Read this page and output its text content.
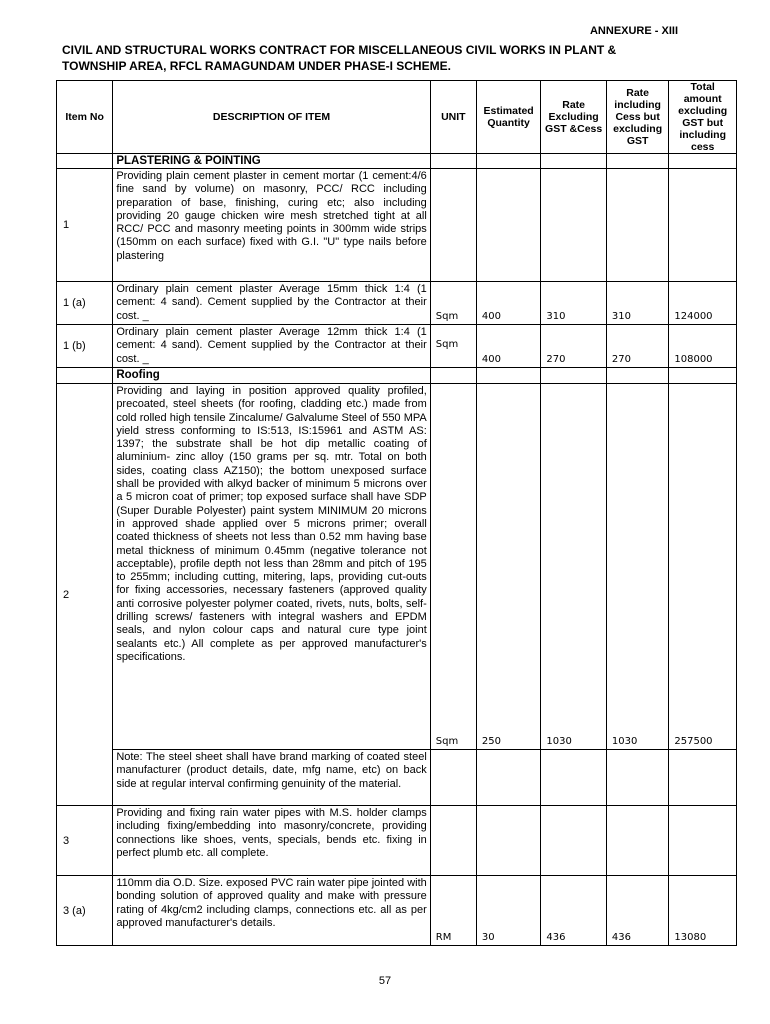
ANNEXURE - XIII
CIVIL AND STRUCTURAL WORKS CONTRACT FOR MISCELLANEOUS CIVIL WORKS IN PLANT &
TOWNSHIP AREA, RFCL RAMAGUNDAM UNDER PHASE-I SCHEME.
Item No	DESCRIPTION OF ITEM	UNIT	Estimated Quantity	Rate Excluding GST &Cess	Rate including Cess but excluding GST	Total amount excluding GST but including cess
	PLASTERING & POINTING					
1	Providing plain cement plaster in cement mortar (1 cement:4/6 fine sand by volume) on masonry, PCC/ RCC including preparation of base, finishing, curing etc; also including providing 20 gauge chicken wire mesh stretched tight at all RCC/ PCC and masonry meeting points in 300mm wide strips (150mm on each surface) fixed with G.I. "U" type nails before plastering					
1 (a)	Ordinary plain cement plaster Average 15mm thick 1:4 (1 cement: 4 sand). Cement supplied by the Contractor at their cost. _	Sqm	400	310	310	124000
1 (b)	Ordinary plain cement plaster Average 12mm thick 1:4 (1 cement: 4 sand). Cement supplied by the Contractor at their cost. _	Sqm	400	270	270	108000
	Roofing					
2	Providing and laying in position approved quality profiled, precoated, steel sheets (for roofing, cladding etc.) made from cold rolled high tensile Zincalume/ Galvalume Steel of 550 MPA yield stress conforming to IS:513, IS:15961 and ASTM AS: 1397; the substrate shall be hot dip metallic coating of aluminium- zinc alloy (150 grams per sq. mtr. Total on both sides, coating class AZ150); the bottom unexposed surface shall be provided with alkyd backer of minimum 5 microns over a 5 micron coat of primer; top exposed surface shall have SDP (Super Durable Polyester) paint system MINIMUM 20 microns in approved shade applied over 5 microns primer; overall coated thickness of sheets not less than 0.52 mm having base metal thickness of minimum 0.45mm (negative tolerance not acceptable), profile depth not less than 28mm and pitch of 195 to 255mm; including cutting, mitering, laps, providing cut-outs for fixing accessories, necessary fasteners (approved quality anti corrosive polyester polymer coated, rivets, nuts, bolts, self-drilling screws/ fasteners with integral washers and EPDM seals, and nylon colour caps and natural cure type joint sealants etc.) All complete as per approved manufacturer's specifications.	Sqm	250	1030	1030	257500
	Note: The steel sheet shall have brand marking of coated steel manufacturer (product details, date, mfg name, etc) on back side at regular interval confirming genuinity of the material.					
3	Providing and fixing rain water pipes with M.S. holder clamps including fixing/embedding into masonry/concrete, providing connections like shoes, vents, specials, bends etc. fixing in perfect plumb etc. all complete.					
3 (a)	110mm dia O.D. Size. exposed PVC rain water pipe jointed with bonding solution of approved quality and make with pressure rating of 4kg/cm2 including clamps, connections etc. all as per approved manufacturer's details.	RM	30	436	436	13080
57
